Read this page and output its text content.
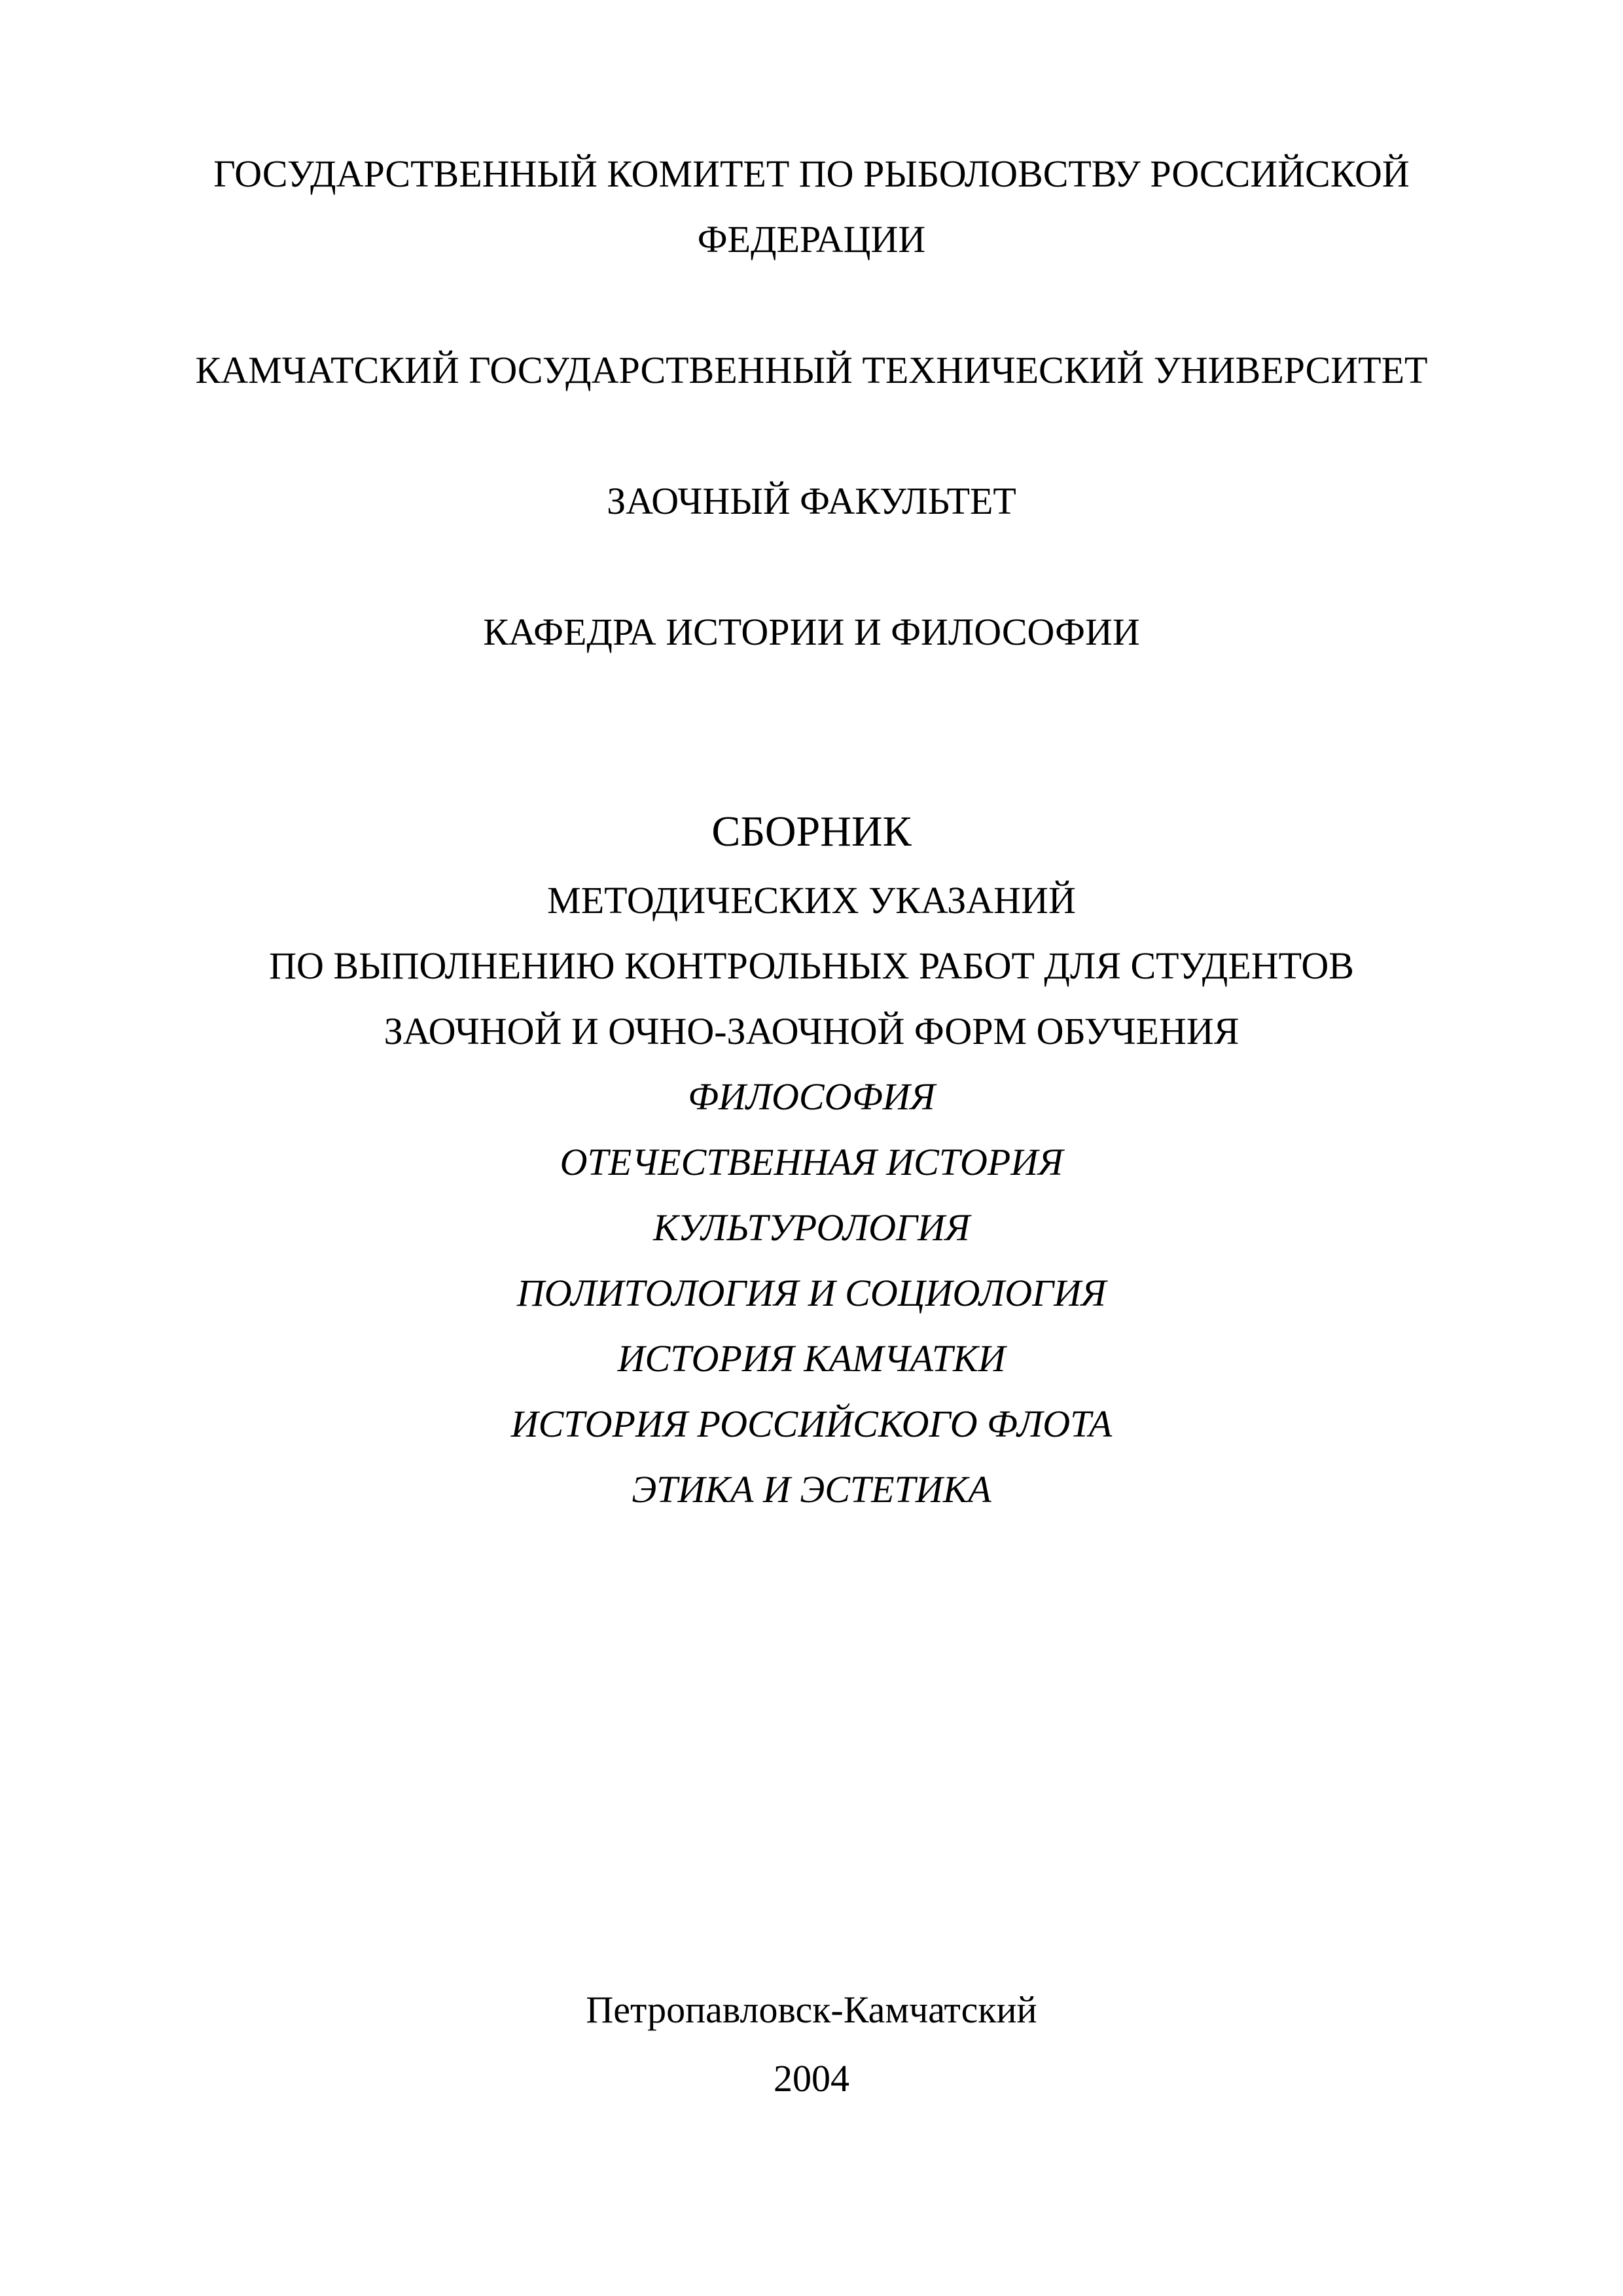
ГОСУДАРСТВЕННЫЙ КОМИТЕТ ПО РЫБОЛОВСТВУ РОССИЙСКОЙ
ФЕДЕРАЦИИ
КАМЧАТСКИЙ ГОСУДАРСТВЕННЫЙ ТЕХНИЧЕСКИЙ УНИВЕРСИТЕТ
ЗАОЧНЫЙ ФАКУЛЬТЕТ
КАФЕДРА ИСТОРИИ И ФИЛОСОФИИ
СБОРНИК
МЕТОДИЧЕСКИХ УКАЗАНИЙ
ПО ВЫПОЛНЕНИЮ КОНТРОЛЬНЫХ РАБОТ ДЛЯ СТУДЕНТОВ
ЗАОЧНОЙ И ОЧНО-ЗАОЧНОЙ ФОРМ ОБУЧЕНИЯ
ФИЛОСОФИЯ
ОТЕЧЕСТВЕННАЯ ИСТОРИЯ
КУЛЬТУРОЛОГИЯ
ПОЛИТОЛОГИЯ И СОЦИОЛОГИЯ
ИСТОРИЯ КАМЧАТКИ
ИСТОРИЯ РОССИЙСКОГО ФЛОТА
ЭТИКА И ЭСТЕТИКА
Петропавловск-Камчатский
2004
